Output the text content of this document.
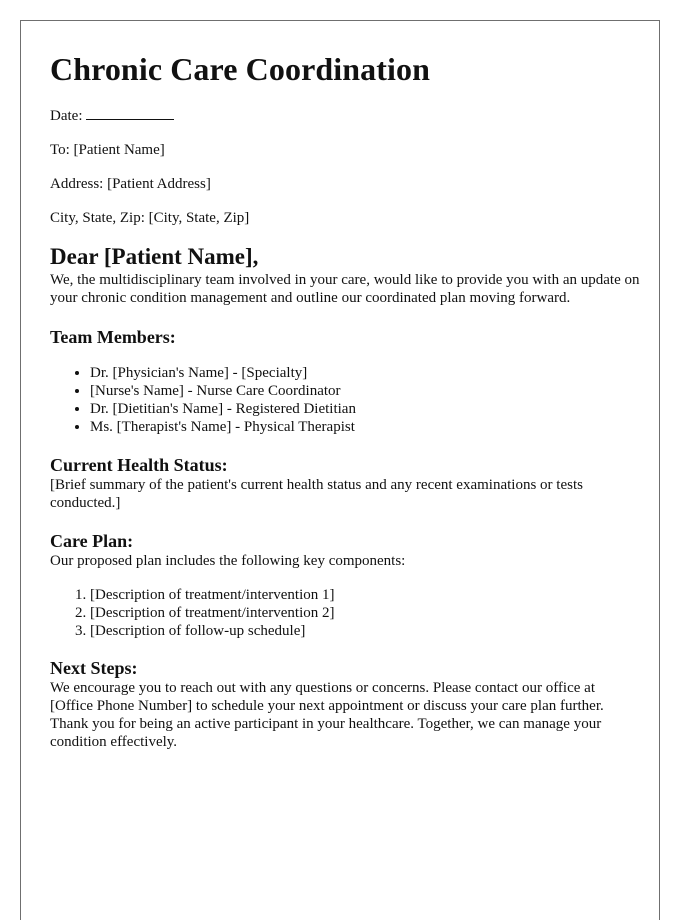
Chronic Care Coordination
Date:
To: [Patient Name]
Address: [Patient Address]
City, State, Zip: [City, State, Zip]
Dear [Patient Name],

We, the multidisciplinary team involved in your care, would like to provide you with an update on your chronic condition management and outline our coordinated plan moving forward.

Team Members:
• Dr. [Physician's Name] - [Specialty]
• [Nurse's Name] - Nurse Care Coordinator
• Dr. [Dietitian's Name] - Registered Dietitian
• Ms. [Therapist's Name] - Physical Therapist
Current Health Status:

[Brief summary of the patient's current health status and any recent examinations or tests conducted.]

Care Plan:

Our proposed plan includes the following key components:

1. [Description of treatment/intervention 1]
2. [Description of treatment/intervention 2]
3. [Description of follow-up schedule]
Next Steps:

We encourage you to reach out with any questions or concerns. Please contact our office at [Office Phone Number] to schedule your next appointment or discuss your care plan further.

Thank you for being an active participant in your healthcare. Together, we can manage your condition effectively.
